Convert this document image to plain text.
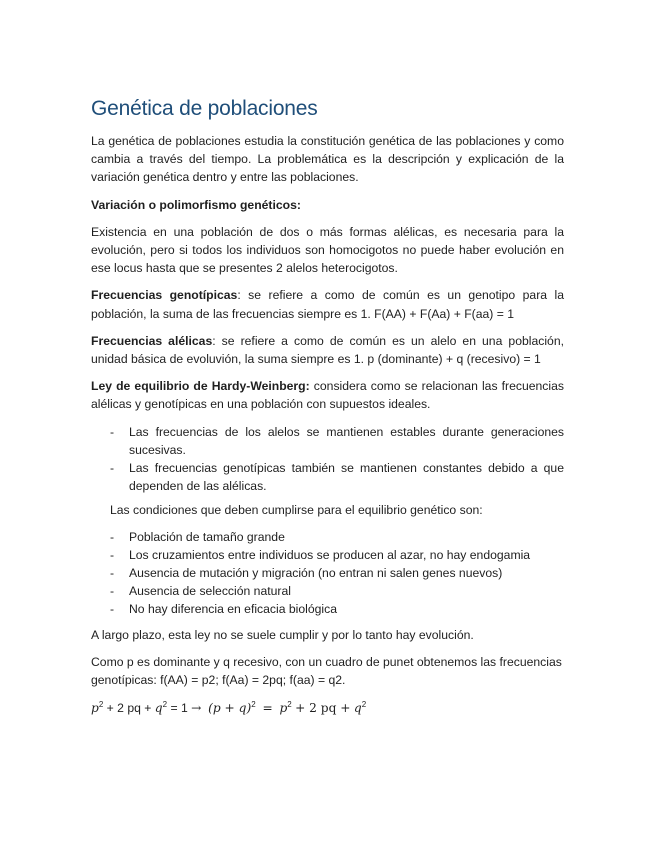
Genética de poblaciones

La genética de poblaciones estudia la constitución genética de las poblaciones y como cambia a través del tiempo. La problemática es la descripción y explicación de la variación genética dentro y entre las poblaciones.

Variación o polimorfismo genéticos:

Existencia en una población de dos o más formas alélicas, es necesaria para la evolución, pero si todos los individuos son homocigotos no puede haber evolución en ese locus hasta que se presentes 2 alelos heterocigotos.

Frecuencias genotípicas: se refiere a como de común es un genotipo para la población, la suma de las frecuencias siempre es 1. F(AA) + F(Aa) + F(aa) = 1

Frecuencias alélicas: se refiere a como de común es un alelo en una población, unidad básica de evoluvión, la suma siempre es 1. p (dominante) + q (recesivo) = 1

Ley de equilibrio de Hardy-Weinberg: considera como se relacionan las frecuencias alélicas y genotípicas en una población con supuestos ideales.

- Las frecuencias de los alelos se mantienen estables durante generaciones sucesivas.
- Las frecuencias genotípicas también se mantienen constantes debido a que dependen de las alélicas.

Las condiciones que deben cumplirse para el equilibrio genético son:

- Población de tamaño grande
- Los cruzamientos entre individuos se producen al azar, no hay endogamia
- Ausencia de mutación y migración (no entran ni salen genes nuevos)
- Ausencia de selección natural
- No hay diferencia en eficacia biológica

A largo plazo, esta ley no se suele cumplir y por lo tanto hay evolución.

Como p es dominante y q recesivo, con un cuadro de punet obtenemos las frecuencias genotípicas: f(AA) = p2; f(Aa) = 2pq; f(aa) = q2.

$p^2 + 2$ pq + $q^2 = 1 \to (p + q)^2 = p^2 + 2$ pq + $q^2$
